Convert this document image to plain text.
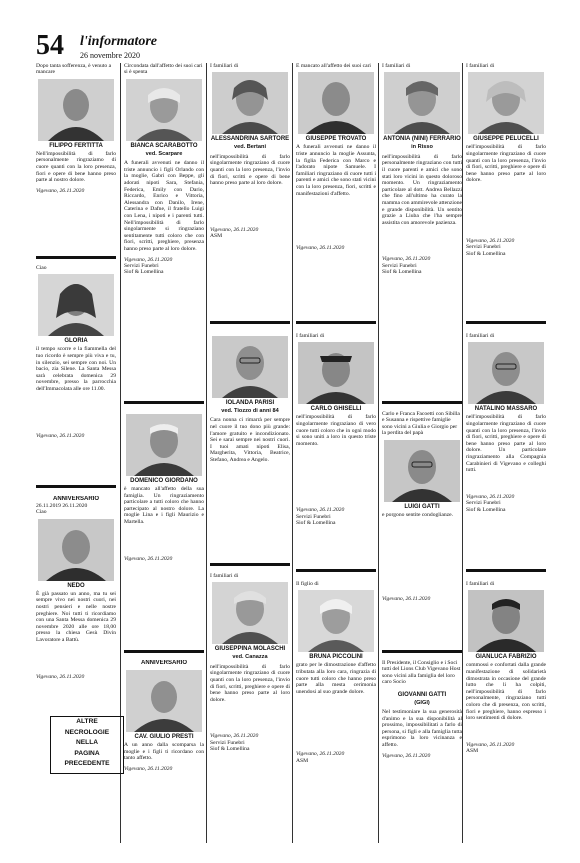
54 l'informatore
26 novembre 2020
Dopo tanta sofferenza, è venuto a mancare
FILIPPO FERTITTA
Nell'impossibilità di farlo personalmente ringraziamo di cuore quanti con la loro presenza, fiori e opere di bene hanno preso parte al nostro dolore.
Vigevano, 26.11.2020
Ciao
GLORIA
il tempo scorre e la fiammella del tuo ricordo è sempre più viva e tu, in silenzio, sei sempre con noi. Un bacio, zia Silene. La Santa Messa sarà celebrata domenica 29 novembre, presso la parrocchia dell'Immacolata alle ore 11.00.
Vigevano, 26.11.2020
ANNIVERSARIO
26.11.2019 26.11.2020
Ciao
NEDO
È già passato un anno, ma tu sei sempre vivo nei nostri cuori, nei nostri pensieri e nelle nostre preghiere. Noi tutti ti ricordiamo con una Santa Messa domenica 29 novembre 2020 alle ore 18,00 presso la chiesa Gesù Divin Lavoratore a Battù.
Vigevano, 26.11.2020
ALTRE
NECROLOGIE
NELLA
PAGINA
PRECEDENTE
Circondata dall'affetto dei suoi cari si è spenta
BIANCA SCARABOTTO
ved. Scarpare
A funerali avvenuti ne danno il triste annuncio i figli Orlando con la moglie, Gabri con Beppe, gli adorati nipoti Sara, Stefania, Federica, Emily con Dario, Riccardo, Enrico e Vittoria, Alessandra con Danilo, Irene, Caterina e Dafne, il fratello Luigi con Lena, i nipoti e i parenti tutti. Nell'impossibilità di farlo singolarmente si ringraziano sentitamente tutti coloro che con fiori, scritti, preghiere, presenza hanno preso parte al loro dolore.
Vigevano, 26.11.2020
Servizi Funebri
Siof & Lomellina
DOMENICO GIORDANO
è mancato all'affetto della sua famiglia. Un ringraziamento particolare a tutti coloro che hanno partecipato al nostro dolore. La moglie Lina e i figli Maurizio e Martella.
Vigevano, 26.11.2020
ANNIVERSARIO
CAV. GIULIO PRESTI
A un anno dalla scomparsa la moglie e i figli ti ricordano con tanto affetto.
Vigevano, 26.11.2020
I familiari di
ALESSANDRINA SARTORE
ved. Bertani
nell'impossibilità di farlo singolarmente ringraziano di cuore quanti con la loro presenza, l'invio di fiori, scritti e opere di bene hanno preso parte al loro dolore.
Vigevano, 26.11.2020
ASM
IOLANDA PARISI
ved. Tiozzo di anni 84
Cara nonna ci rimarrà per sempre nel cuore il tuo dono più grande: l'amore gratuito e incondizionato. Sei e sarai sempre nei nostri cuori. I tuoi amati nipoti Elisa, Margherita, Vittoria, Beatrice, Stefano, Andrea e Angelo.
I familiari di
GIUSEPPINA MOLASCHI
ved. Canazza
nell'impossibilità di farlo singolarmente ringraziano di cuore quanti con la loro presenza, l'invio di fiori, scritti, preghiere e opere di bene hanno preso parte al loro dolore.
Vigevano, 26.11.2020
Servizi Funebri
Siof & Lomellina
È mancato all'affetto dei suoi cari
GIUSEPPE TROVATO
A funerali avvenuti ne danno il triste annuncio la moglie Assunta, la figlia Federica con Marco e l'adorato nipote Samuele. I familiari ringraziano di cuore tutti i parenti e amici che sono stati vicini con la loro presenza, fiori, scritti e manifestazioni d'affetto.
Vigevano, 26.11.2020
I familiari di
CARLO GHISELLI
nell'impossibilità di farlo singolarmente ringraziano di vero cuore tutti coloro che in ogni modo si sono uniti a loro in questo triste momento.
Vigevano, 26.11.2020
Servizi Funebri
Siof & Lomellina
Il figlio di
BRUNA PICCOLINI
grato per le dimostrazione d'affetto tributata alla loro cara, ringrazia di cuore tutti coloro che hanno preso parte alla mesta cerimonia unendosi al suo grande dolore.
Vigevano, 26.11.2020
ASM
I familiari di
ANTONIA (NINI) FERRARIO
in Risso
nell'impossibilità di farlo personalmente ringraziano con tutti il cuore parenti e amici che sono stati loro vicini in questo doloroso momento. Un ringraziamento particolare al dott. Andrea Bellazzi che fino all'ultimo ha curato la mamma con ammirevole attenzione e grande disponibilità. Un sentito grazie a Liuba che l'ha sempre assistita con amorevole pazienza.
Vigevano, 26.11.2020
Servizi Funebri
Siof & Lomellina
Carlo e Franca Facoetti con Sibilla e Susanna e rispettive famiglie sono vicini a Giulia e Giorgio per la perdita del papà
LUIGI GATTI
e porgono sentite condoglianze.
Vigevano, 26.11.2020
Il Presidente, il Consiglio e i Soci tutti del Lions Club Vigevano Host sono vicini alla famiglia del loro caro Socio
GIOVANNI GATTI
(GIGI)
Nel testimoniare la sua generosità d'animo e la sua disponibilità al prossimo, impossibilitati a farlo di persona, si figli e alla famiglia tutta esprimono la loro vicinanza e affetto.
Vigevano, 26.11.2020
I familiari di
GIUSEPPE PELUCELLI
nell'impossibilità di farlo singolarmente ringraziano di cuore quanti con la loro presenza, l'invio di fiori, scritti, preghiere e opere di bene hanno preso parte al loro dolore.
Vigevano, 26.11.2020
Servizi Funebri
Siof & Lomellina
I familiari di
NATALINO MASSARO
nell'impossibilità di farlo singolarmente ringraziano di cuore quanti con la loro presenza, l'invio di fiori, scritti, preghiere e opere di bene hanno preso parte al loro dolore. Un particolare ringraziamento alla Compagnia Carabinieri di Vigevano e colleghi tutti.
Vigevano, 26.11.2020
Servizi Funebri
Siof & Lomellina
I familiari di
GIANLUCA FABRIZIO
commossi e confortati dalla grande manifestazione di solidarietà dimostrata in occasione del grande lutto che li ha colpiti, nell'impossibilità di farlo personalmente, ringraziano tutti coloro che di presenza, con scritti, fiori e preghiere, hanno espresso i loro sentimenti di dolore.
Vigevano, 26.11.2020
ASM
